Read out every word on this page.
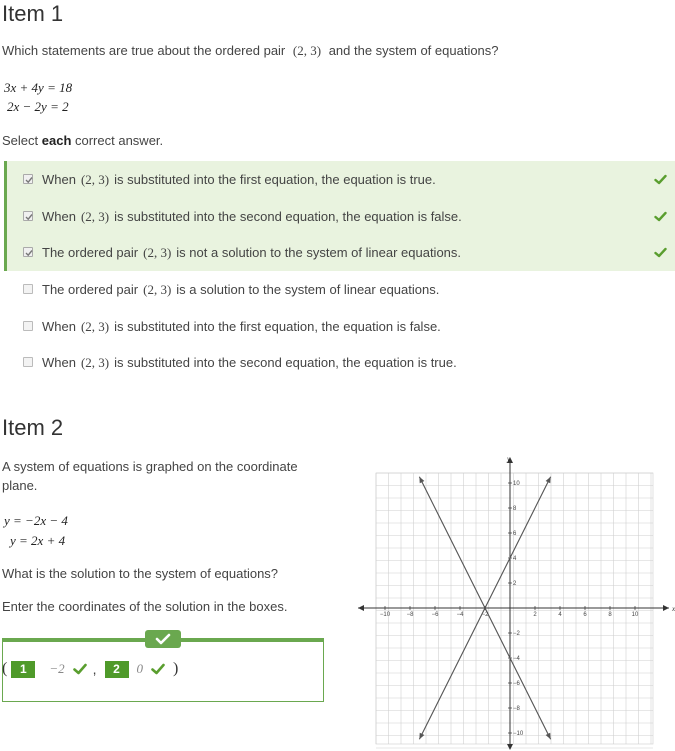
Item 1
Which statements are true about the ordered pair (2, 3) and the system of equations?
3x + 4y = 18
2x − 2y = 2
Select each correct answer.
When (2, 3) is substituted into the first equation, the equation is true.
When (2, 3) is substituted into the second equation, the equation is false.
The ordered pair (2, 3) is not a solution to the system of linear equations.
The ordered pair (2, 3) is a solution to the system of linear equations.
When (2, 3) is substituted into the first equation, the equation is false.
When (2, 3) is substituted into the second equation, the equation is true.
Item 2
A system of equations is graphed on the coordinate
plane.
y = −2x − 4
y = 2x + 4
What is the solution to the system of equations?
Enter the coordinates of the solution in the boxes.
(	1	−2 ,	2	0 )
x
y
−10	−8	−6	−4	−2	2	4	6	8	10
10
8
6
4
2
−2
−4
−6
−8
−10
